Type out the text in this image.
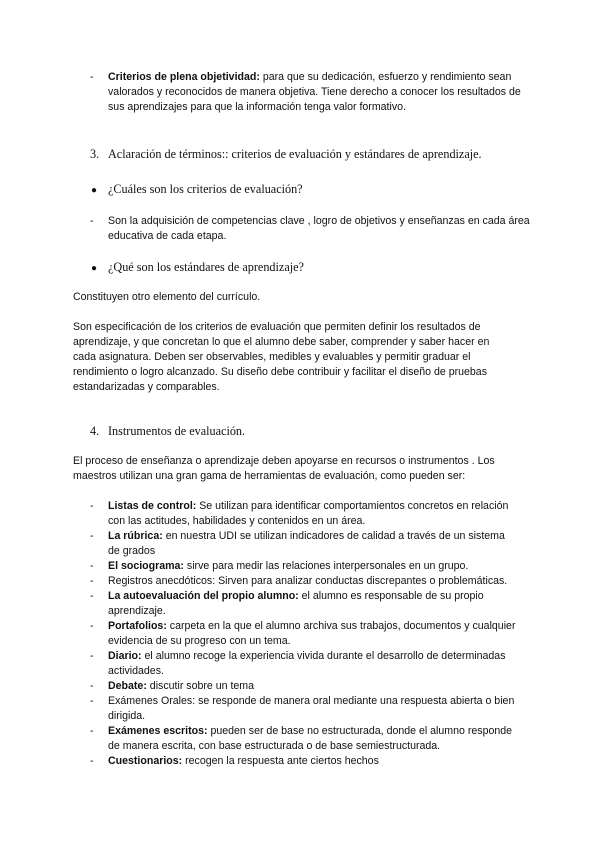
- Criterios de plena objetividad: para que su dedicación, esfuerzo y rendimiento sean valorados y reconocidos de manera objetiva. Tiene derecho a conocer los resultados de sus aprendizajes para que la información tenga valor formativo.
3. Aclaración de términos:: criterios de evaluación y estándares de aprendizaje.
● ¿Cuáles son los criterios de evaluación?
- Son la adquisición de competencias clave , logro de objetivos y enseñanzas en cada área educativa de cada etapa.
● ¿Qué son los estándares de aprendizaje?
Constituyen otro elemento del currículo.
Son especificación de los criterios de evaluación que permiten definir los resultados de aprendizaje, y que concretan lo que el alumno debe saber, comprender y saber hacer en cada asignatura. Deben ser observables, medibles y evaluables y permitir graduar el rendimiento o logro alcanzado. Su diseño debe contribuir y facilitar el diseño de pruebas estandarizadas y comparables.
4. Instrumentos de evaluación.
El proceso de enseñanza o aprendizaje deben apoyarse en recursos o instrumentos . Los maestros utilizan una gran gama de herramientas de evaluación, como pueden ser:
- Listas de control: Se utilizan para identificar comportamientos concretos en relación con las actitudes, habilidades y contenidos en un área.
- La rúbrica: en nuestra UDI se utilizan indicadores de calidad a través de un sistema de grados
- El sociograma: sirve para medir las relaciones interpersonales en un grupo.
- Registros anecdóticos: Sirven para analizar conductas discrepantes o problemáticas.
- La autoevaluación del propio alumno: el alumno es responsable de su propio aprendizaje.
- Portafolios: carpeta en la que el alumno archiva sus trabajos, documentos y cualquier evidencia de su progreso con un tema.
- Diario: el alumno recoge la experiencia vivida durante el desarrollo de determinadas actividades.
- Debate: discutir sobre un tema
- Exámenes Orales: se responde de manera oral mediante una respuesta abierta o bien dirigida.
- Exámenes escritos: pueden ser de base no estructurada, donde el alumno responde de manera escrita, con base estructurada o de base semiestructurada.
- Cuestionarios: recogen la respuesta ante ciertos hechos
